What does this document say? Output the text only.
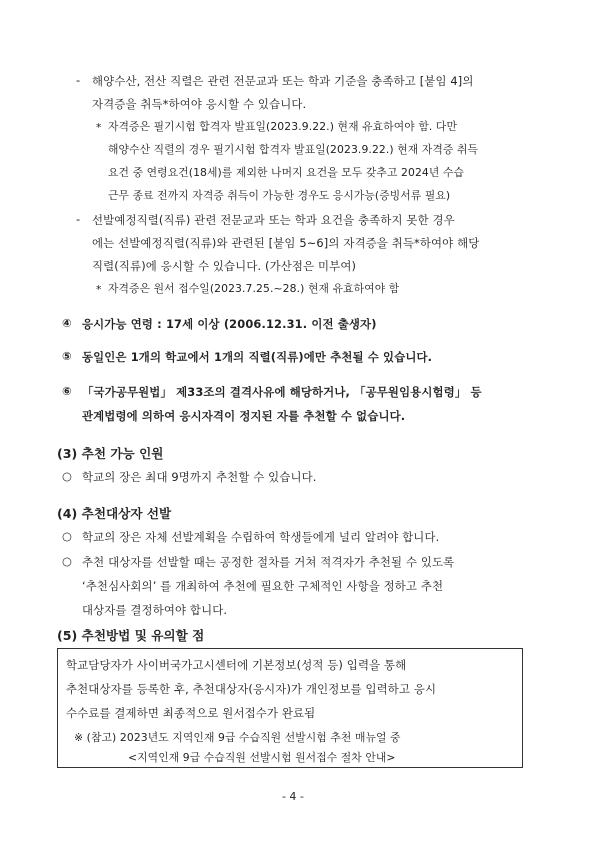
- 해양수산, 전산 직렬은 관련 전문교과 또는 학과 기준을 충족하고 [붙임 4]의
자격증을 취득*하여야 응시할 수 있습니다.
* 자격증은 필기시험 합격자 발표일(2023.9.22.) 현재 유효하여야 함. 다만
해양수산 직렬의 경우 필기시험 합격자 발표일(2023.9.22.) 현재 자격증 취득
요건 중 연령요건(18세)를 제외한 나머지 요건을 모두 갖추고 2024년 수습
근무 종료 전까지 자격증 취득이 가능한 경우도 응시가능(증빙서류 필요)
- 선발예정직렬(직류) 관련 전문교과 또는 학과 요건을 충족하지 못한 경우
에는 선발예정직렬(직류)와 관련된 [붙임 5~6]의 자격증을 취득*하여야 해당
직렬(직류)에 응시할 수 있습니다. (가산점은 미부여)
* 자격증은 원서 접수일(2023.7.25.~28.) 현재 유효하여야 함
④ 응시가능 연령 : 17세 이상 (2006.12.31. 이전 출생자)
⑤ 동일인은 1개의 학교에서 1개의 직렬(직류)에만 추천될 수 있습니다.
⑥ 「국가공무원법」 제33조의 결격사유에 해당하거나, 「공무원임용시험령」 등
관계법령에 의하여 응시자격이 정지된 자를 추천할 수 없습니다.
(3) 추천 가능 인원
○ 학교의 장은 최대 9명까지 추천할 수 있습니다.
(4) 추천대상자 선발
○ 학교의 장은 자체 선발계획을 수립하여 학생들에게 널리 알려야 합니다.
○ 추천 대상자를 선발할 때는 공정한 절차를 거쳐 적격자가 추천될 수 있도록
‘추천심사회의’ 를 개최하여 추천에 필요한 구체적인 사항을 정하고 추천
대상자를 결정하여야 합니다.
(5) 추천방법 및 유의할 점
학교담당자가 사이버국가고시센터에 기본정보(성적 등) 입력을 통해
추천대상자를 등록한 후, 추천대상자(응시자)가 개인정보를 입력하고 응시
수수료를 결제하면 최종적으로 원서접수가 완료됨
※ (참고) 2023년도 지역인재 9급 수습직원 선발시험 추천 매뉴얼 중
<지역인재 9급 수습직원 선발시험 원서접수 절차 안내>
- 4 -
